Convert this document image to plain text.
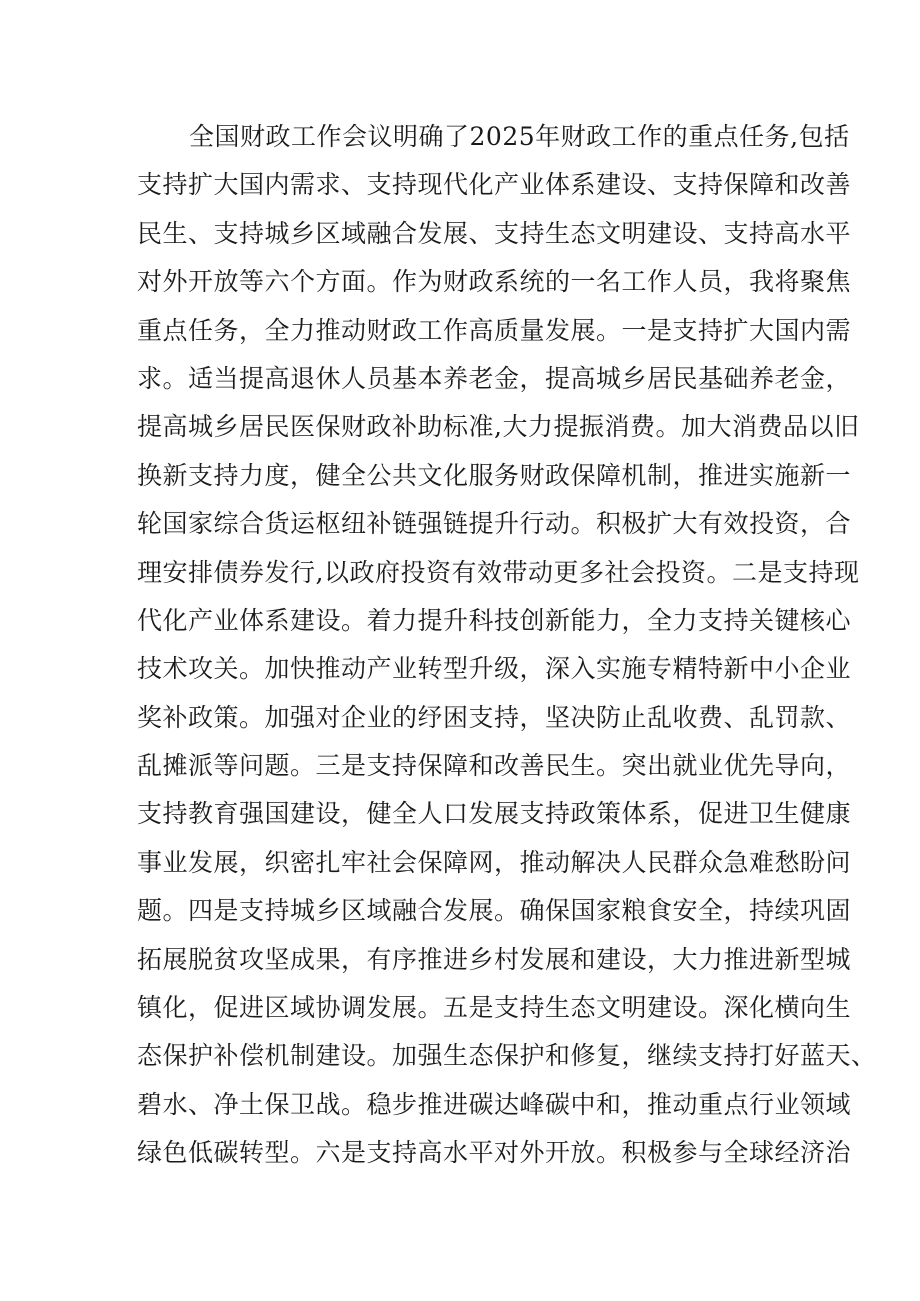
全国财政工作会议明确了2025年财政工作的重点任务,包括
支持扩大国内需求、支持现代化产业体系建设、支持保障和改善
民生、支持城乡区域融合发展、支持生态文明建设、支持高水平
对外开放等六个方面。作为财政系统的一名工作人员，我将聚焦
重点任务，全力推动财政工作高质量发展。一是支持扩大国内需
求。适当提高退休人员基本养老金，提高城乡居民基础养老金，
提高城乡居民医保财政补助标准,大力提振消费。加大消费品以旧
换新支持力度，健全公共文化服务财政保障机制，推进实施新一
轮国家综合货运枢纽补链强链提升行动。积极扩大有效投资，合
理安排债券发行,以政府投资有效带动更多社会投资。二是支持现
代化产业体系建设。着力提升科技创新能力，全力支持关键核心
技术攻关。加快推动产业转型升级，深入实施专精特新中小企业
奖补政策。加强对企业的纾困支持，坚决防止乱收费、乱罚款、
乱摊派等问题。三是支持保障和改善民生。突出就业优先导向，
支持教育强国建设，健全人口发展支持政策体系，促进卫生健康
事业发展，织密扎牢社会保障网，推动解决人民群众急难愁盼问
题。四是支持城乡区域融合发展。确保国家粮食安全，持续巩固
拓展脱贫攻坚成果，有序推进乡村发展和建设，大力推进新型城
镇化，促进区域协调发展。五是支持生态文明建设。深化横向生
态保护补偿机制建设。加强生态保护和修复，继续支持打好蓝天、
碧水、净土保卫战。稳步推进碳达峰碳中和，推动重点行业领域
绿色低碳转型。六是支持高水平对外开放。积极参与全球经济治
